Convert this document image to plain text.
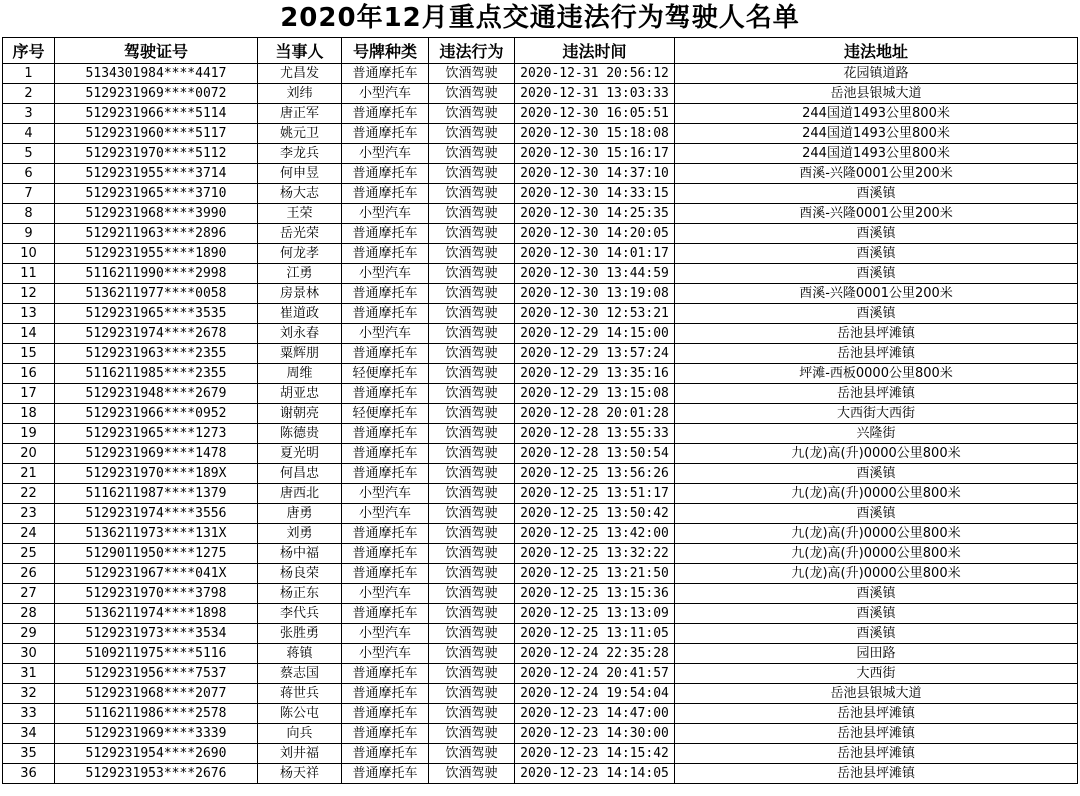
2020年12月重点交通违法行为驾驶人名单
序号	驾驶证号	当事人	号牌种类	违法行为	违法时间	违法地址
1	5134301984****4417	尤昌发	普通摩托车	饮酒驾驶	2020-12-31 20:56:12	花园镇道路
2	5129231969****0072	刘纬	小型汽车	饮酒驾驶	2020-12-31 13:03:33	岳池县银城大道
3	5129231966****5114	唐正军	普通摩托车	饮酒驾驶	2020-12-30 16:05:51	244国道1493公里800米
4	5129231960****5117	姚元卫	普通摩托车	饮酒驾驶	2020-12-30 15:18:08	244国道1493公里800米
5	5129231970****5112	李龙兵	小型汽车	饮酒驾驶	2020-12-30 15:16:17	244国道1493公里800米
6	5129231955****3714	何申昱	普通摩托车	饮酒驾驶	2020-12-30 14:37:10	酉溪-兴隆0001公里200米
7	5129231965****3710	杨大志	普通摩托车	饮酒驾驶	2020-12-30 14:33:15	酉溪镇
8	5129231968****3990	王荣	小型汽车	饮酒驾驶	2020-12-30 14:25:35	酉溪-兴隆0001公里200米
9	5129211963****2896	岳光荣	普通摩托车	饮酒驾驶	2020-12-30 14:20:05	酉溪镇
10	5129231955****1890	何龙孝	普通摩托车	饮酒驾驶	2020-12-30 14:01:17	酉溪镇
11	5116211990****2998	江勇	小型汽车	饮酒驾驶	2020-12-30 13:44:59	酉溪镇
12	5136211977****0058	房景林	普通摩托车	饮酒驾驶	2020-12-30 13:19:08	酉溪-兴隆0001公里200米
13	5129231965****3535	崔道政	普通摩托车	饮酒驾驶	2020-12-30 12:53:21	酉溪镇
14	5129231974****2678	刘永春	小型汽车	饮酒驾驶	2020-12-29 14:15:00	岳池县坪滩镇
15	5129231963****2355	粟辉朋	普通摩托车	饮酒驾驶	2020-12-29 13:57:24	岳池县坪滩镇
16	5116211985****2355	周维	轻便摩托车	饮酒驾驶	2020-12-29 13:35:16	坪滩-西板0000公里800米
17	5129231948****2679	胡亚忠	普通摩托车	饮酒驾驶	2020-12-29 13:15:08	岳池县坪滩镇
18	5129231966****0952	谢朝亮	轻便摩托车	饮酒驾驶	2020-12-28 20:01:28	大西街大西街
19	5129231965****1273	陈德贵	普通摩托车	饮酒驾驶	2020-12-28 13:55:33	兴隆街
20	5129231969****1478	夏光明	普通摩托车	饮酒驾驶	2020-12-28 13:50:54	九(龙)高(升)0000公里800米
21	5129231970****189X	何昌忠	普通摩托车	饮酒驾驶	2020-12-25 13:56:26	酉溪镇
22	5116211987****1379	唐西北	小型汽车	饮酒驾驶	2020-12-25 13:51:17	九(龙)高(升)0000公里800米
23	5129231974****3556	唐勇	小型汽车	饮酒驾驶	2020-12-25 13:50:42	酉溪镇
24	5136211973****131X	刘勇	普通摩托车	饮酒驾驶	2020-12-25 13:42:00	九(龙)高(升)0000公里800米
25	5129011950****1275	杨中福	普通摩托车	饮酒驾驶	2020-12-25 13:32:22	九(龙)高(升)0000公里800米
26	5129231967****041X	杨良荣	普通摩托车	饮酒驾驶	2020-12-25 13:21:50	九(龙)高(升)0000公里800米
27	5129231970****3798	杨正东	小型汽车	饮酒驾驶	2020-12-25 13:15:36	酉溪镇
28	5136211974****1898	李代兵	普通摩托车	饮酒驾驶	2020-12-25 13:13:09	酉溪镇
29	5129231973****3534	张胜勇	小型汽车	饮酒驾驶	2020-12-25 13:11:05	酉溪镇
30	5109211975****5116	蒋镇	小型汽车	饮酒驾驶	2020-12-24 22:35:28	园田路
31	5129231956****7537	蔡志国	普通摩托车	饮酒驾驶	2020-12-24 20:41:57	大西街
32	5129231968****2077	蒋世兵	普通摩托车	饮酒驾驶	2020-12-24 19:54:04	岳池县银城大道
33	5116211986****2578	陈公屯	普通摩托车	饮酒驾驶	2020-12-23 14:47:00	岳池县坪滩镇
34	5129231969****3339	向兵	普通摩托车	饮酒驾驶	2020-12-23 14:30:00	岳池县坪滩镇
35	5129231954****2690	刘井福	普通摩托车	饮酒驾驶	2020-12-23 14:15:42	岳池县坪滩镇
36	5129231953****2676	杨天祥	普通摩托车	饮酒驾驶	2020-12-23 14:14:05	岳池县坪滩镇
